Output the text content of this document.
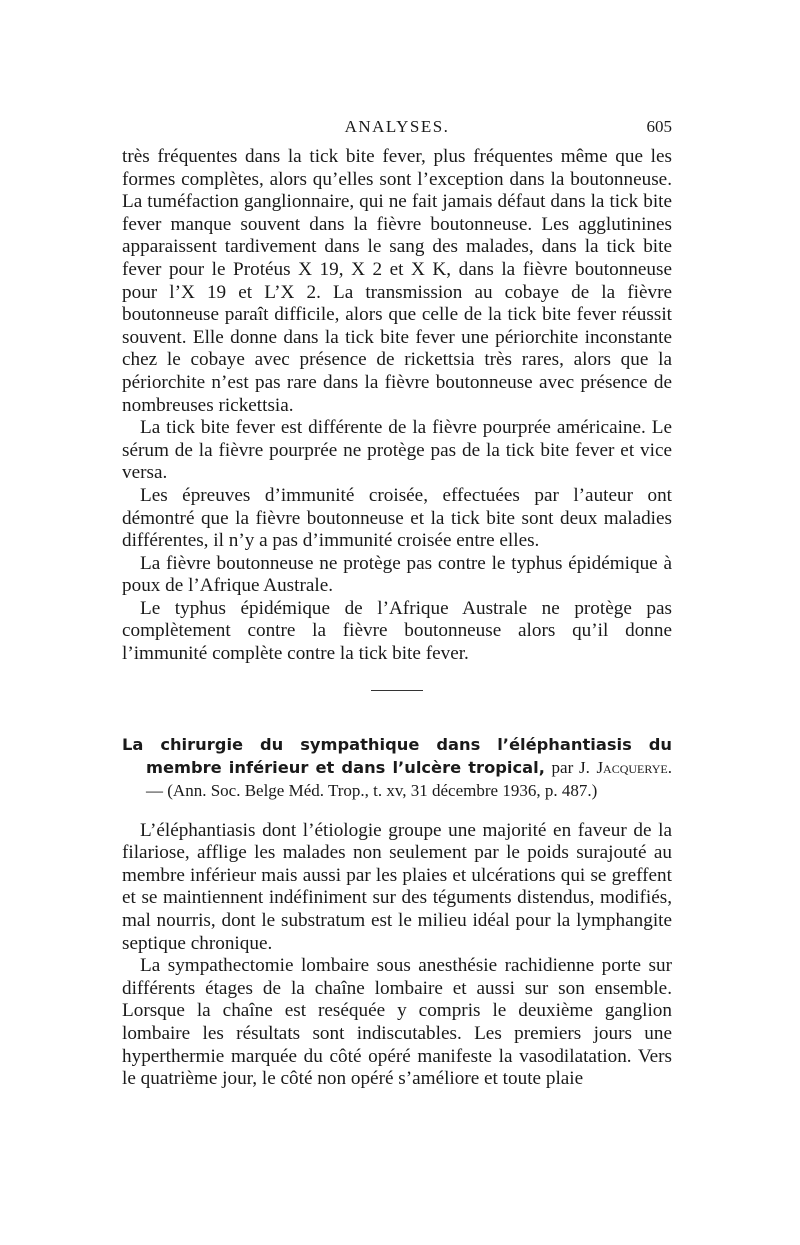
ANALYSES.	605

très fréquentes dans la tick bite fever, plus fréquentes même que les formes complètes, alors qu’elles sont l’exception dans la boutonneuse. La tuméfaction ganglionnaire, qui ne fait jamais défaut dans la tick bite fever manque souvent dans la fièvre boutonneuse. Les agglutinines apparaissent tardivement dans le sang des malades, dans la tick bite fever pour le Protéus X 19, X 2 et X K, dans la fièvre boutonneuse pour l’X 19 et L’X 2. La transmission au cobaye de la fièvre boutonneuse paraît difficile, alors que celle de la tick bite fever réussit souvent. Elle donne dans la tick bite fever une périorchite inconstante chez le cobaye avec présence de rickettsia très rares, alors que la périorchite n’est pas rare dans la fièvre boutonneuse avec présence de nombreuses rickettsia.

La tick bite fever est différente de la fièvre pourprée américaine. Le sérum de la fièvre pourprée ne protège pas de la tick bite fever et vice versa.

Les épreuves d’immunité croisée, effectuées par l’auteur ont démontré que la fièvre boutonneuse et la tick bite sont deux maladies différentes, il n’y a pas d’immunité croisée entre elles.

La fièvre boutonneuse ne protège pas contre le typhus épidémique à poux de l’Afrique Australe.

Le typhus épidémique de l’Afrique Australe ne protège pas complètement contre la fièvre boutonneuse alors qu’il donne l’immunité complète contre la tick bite fever.

La chirurgie du sympathique dans l’éléphantiasis du membre inférieur et dans l’ulcère tropical, par J. Jacquerye. — (Ann. Soc. Belge Méd. Trop., t. xv, 31 décembre 1936, p. 487.)

L’éléphantiasis dont l’étiologie groupe une majorité en faveur de la filariose, afflige les malades non seulement par le poids surajouté au membre inférieur mais aussi par les plaies et ulcérations qui se greffent et se maintiennent indéfiniment sur des téguments distendus, modifiés, mal nourris, dont le substratum est le milieu idéal pour la lymphangite septique chronique.

La sympathectomie lombaire sous anesthésie rachidienne porte sur différents étages de la chaîne lombaire et aussi sur son ensemble. Lorsque la chaîne est reséquée y compris le deuxième ganglion lombaire les résultats sont indiscutables. Les premiers jours une hyperthermie marquée du côté opéré manifeste la vasodilatation. Vers le quatrième jour, le côté non opéré s’améliore et toute plaie
